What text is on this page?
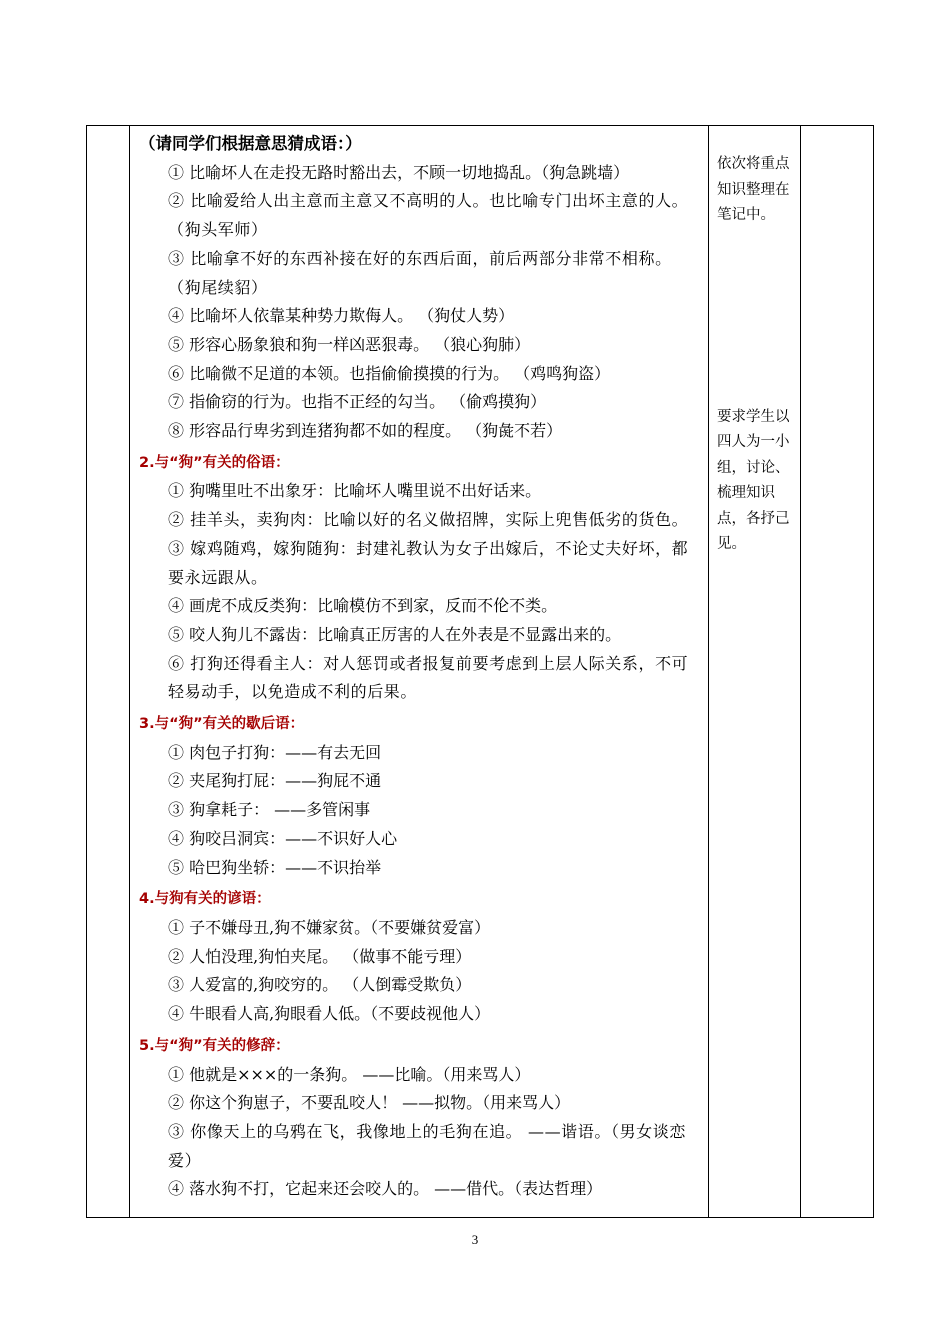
（请同学们根据意思猜成语：）
① 比喻坏人在走投无路时豁出去，不顾一切地捣乱。（狗急跳墙）
② 比喻爱给人出主意而主意又不高明的人。也比喻专门出坏主意的人。 （狗头军师）
③ 比喻拿不好的东西补接在好的东西后面，前后两部分非常不相称。 （狗尾续貂）
④ 比喻坏人依靠某种势力欺侮人。 （狗仗人势）
⑤ 形容心肠象狼和狗一样凶恶狠毒。 （狼心狗肺）
⑥ 比喻微不足道的本领。也指偷偷摸摸的行为。 （鸡鸣狗盗）
⑦ 指偷窃的行为。也指不正经的勾当。 （偷鸡摸狗）
⑧ 形容品行卑劣到连猪狗都不如的程度。 （狗彘不若）
2.与“狗”有关的俗语：
① 狗嘴里吐不出象牙：比喻坏人嘴里说不出好话来。
② 挂羊头，卖狗肉：比喻以好的名义做招牌，实际上兜售低劣的货色。
③ 嫁鸡随鸡，嫁狗随狗：封建礼教认为女子出嫁后，不论丈夫好坏，都要永远跟从。
④ 画虎不成反类狗：比喻模仿不到家，反而不伦不类。
⑤ 咬人狗儿不露齿：比喻真正厉害的人在外表是不显露出来的。
⑥ 打狗还得看主人：对人惩罚或者报复前要考虑到上层人际关系，不可轻易动手，以免造成不利的后果。
3.与“狗”有关的歇后语：
① 肉包子打狗：——有去无回
② 夹尾狗打屁：——狗屁不通
③ 狗拿耗子： ——多管闲事
④ 狗咬吕洞宾：——不识好人心
⑤ 哈巴狗坐轿：——不识抬举
4.与狗有关的谚语：
① 子不嫌母丑,狗不嫌家贫。（不要嫌贫爱富）
② 人怕没理,狗怕夹尾。 （做事不能亏理）
③ 人爱富的,狗咬穷的。 （人倒霉受欺负）
④ 牛眼看人高,狗眼看人低。（不要歧视他人）
5.与“狗”有关的修辞：
① 他就是×××的一条狗。 ——比喻。（用来骂人）
② 你这个狗崽子，不要乱咬人！ ——拟物。（用来骂人）
③ 你像天上的乌鸦在飞，我像地上的毛狗在追。 ——谐语。（男女谈恋爱）
④ 落水狗不打，它起来还会咬人的。 ——借代。（表达哲理）

依次将重点知识整理在笔记中。
要求学生以四人为一小组，讨论、梳理知识点，各抒己见。

3
